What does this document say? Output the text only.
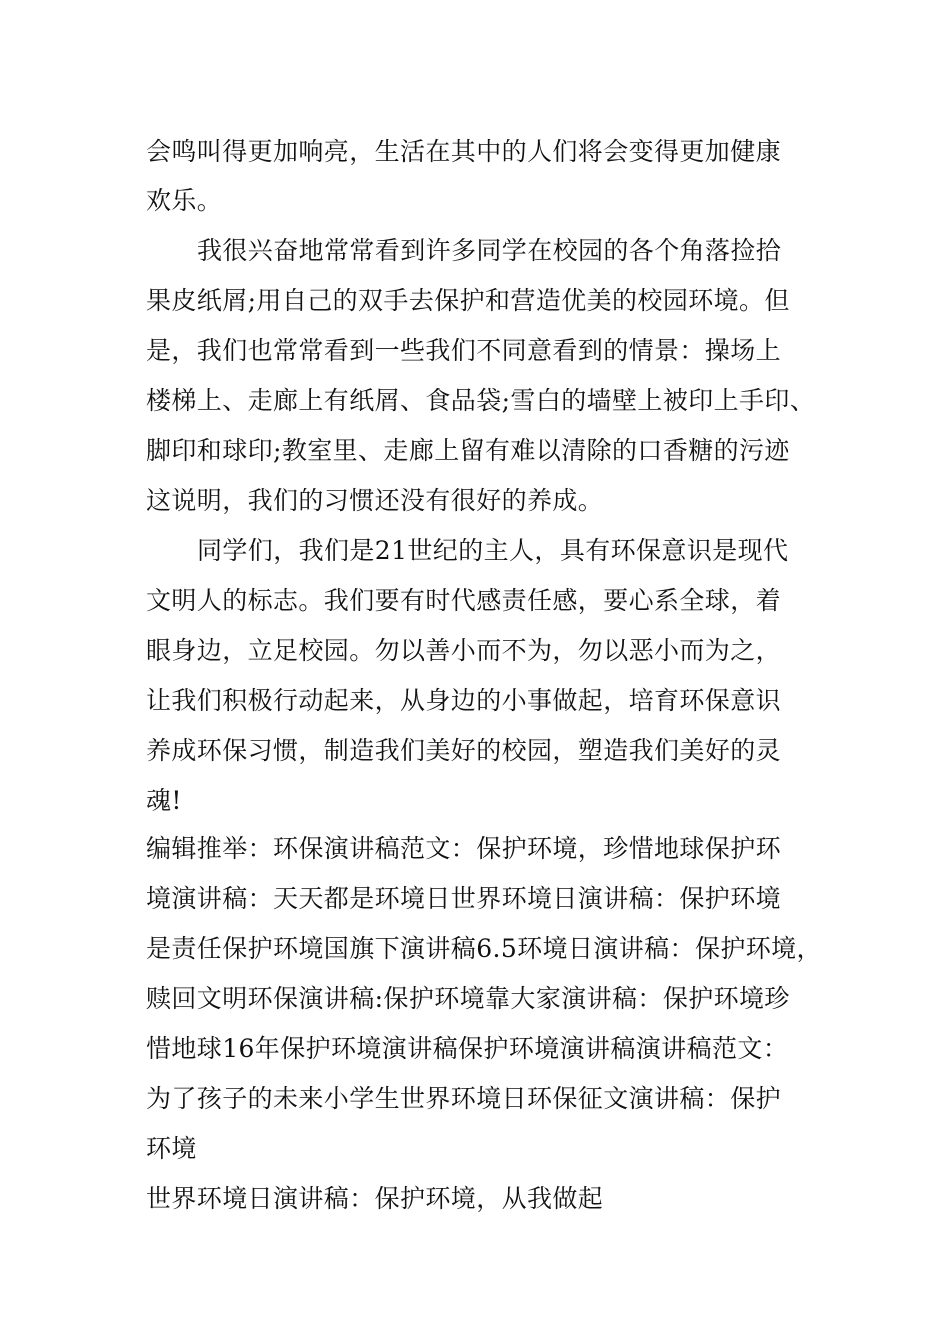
会鸣叫得更加响亮，生活在其中的人们将会变得更加健康
欢乐。
我很兴奋地常常看到许多同学在校园的各个角落捡拾
果皮纸屑;用自己的双手去保护和营造优美的校园环境。但
是，我们也常常看到一些我们不同意看到的情景：操场上
楼梯上、走廊上有纸屑、食品袋;雪白的墙壁上被印上手印、
脚印和球印;教室里、走廊上留有难以清除的口香糖的污迹
这说明，我们的习惯还没有很好的养成。
同学们，我们是21世纪的主人，具有环保意识是现代
文明人的标志。我们要有时代感责任感，要心系全球，着
眼身边，立足校园。勿以善小而不为，勿以恶小而为之，
让我们积极行动起来，从身边的小事做起，培育环保意识
养成环保习惯，制造我们美好的校园，塑造我们美好的灵
魂!
编辑推举：环保演讲稿范文：保护环境，珍惜地球保护环
境演讲稿：天天都是环境日世界环境日演讲稿：保护环境
是责任保护环境国旗下演讲稿6.5环境日演讲稿：保护环境，
赎回文明环保演讲稿:保护环境靠大家演讲稿：保护环境珍
惜地球16年保护环境演讲稿保护环境演讲稿演讲稿范文：
为了孩子的未来小学生世界环境日环保征文演讲稿：保护
环境
世界环境日演讲稿：保护环境，从我做起
